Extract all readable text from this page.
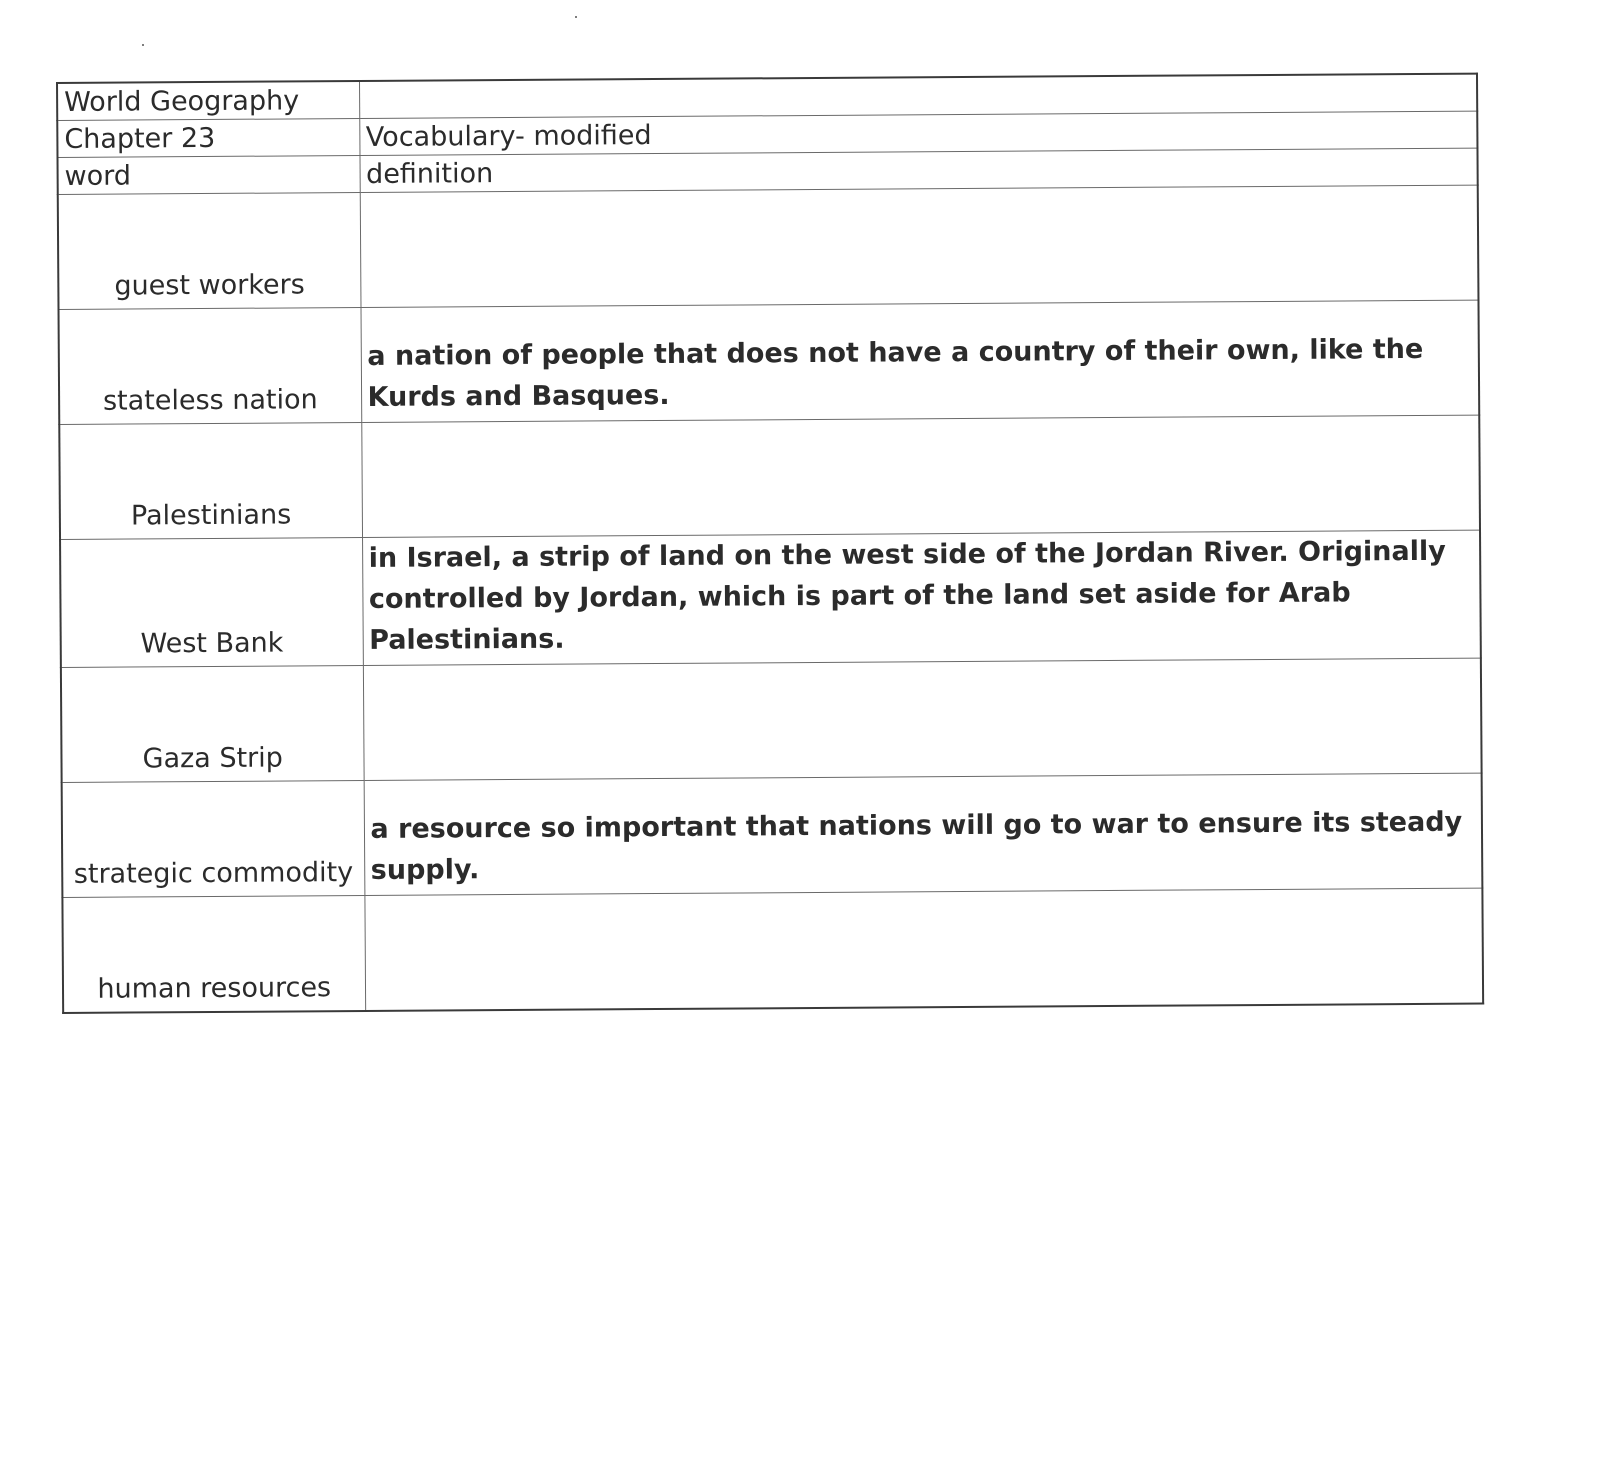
World Geography	
Chapter 23	Vocabulary- modified
word	definition
guest workers	
stateless nation	a nation of people that does not have a country of their own, like the Kurds and Basques.
Palestinians	
West Bank	in Israel, a strip of land on the west side of the Jordan River. Originally controlled by Jordan, which is part of the land set aside for Arab Palestinians.
Gaza Strip	
strategic commodity	a resource so important that nations will go to war to ensure its steady supply.
human resources	
